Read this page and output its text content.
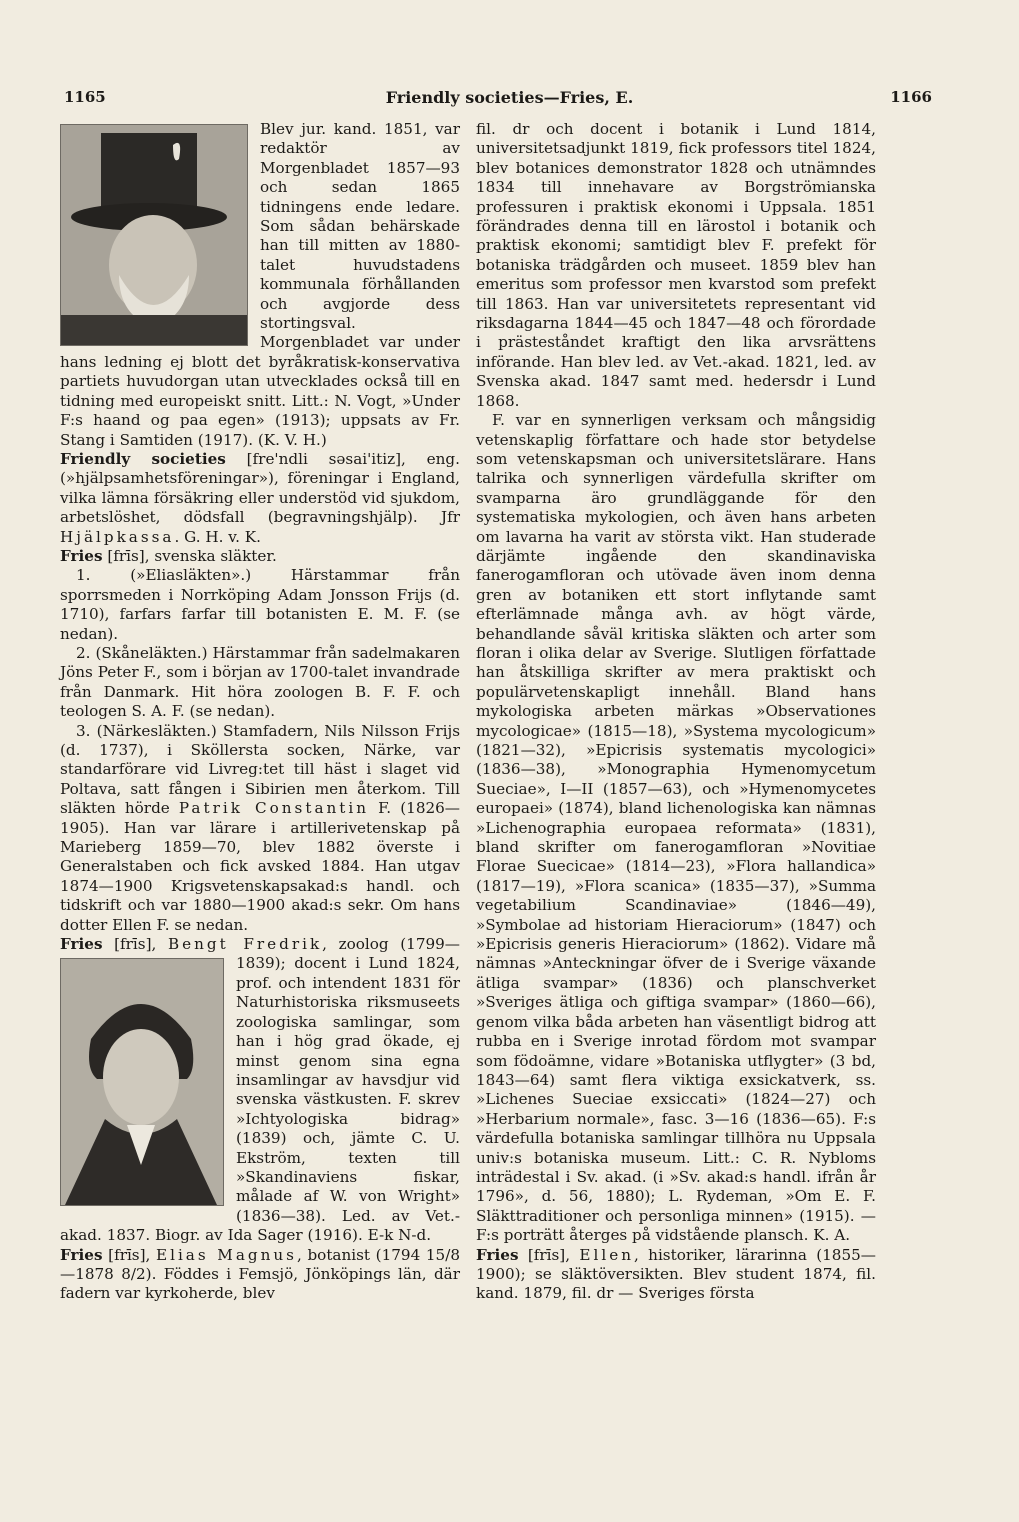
1165	Friendly societies—Fries, E.	1166

Blev jur. kand. 1851, var redaktör av Morgenbladet 1857—93 och sedan 1865 tidningens ende ledare. Som sådan behärskade han till mitten av 1880-talet huvudstadens kommunala förhållanden och avgjorde dess stortingsval. Morgenbladet var under hans ledning ej blott det byråkratisk-konservativa partiets huvudorgan utan utvecklades också till en tidning med europeiskt snitt. Litt.: N. Vogt, »Under F:s haand og paa egen» (1913); uppsats av Fr. Stang i Samtiden (1917). (K. V. H.)

Friendly societies [fre'ndli səsai'itiz], eng. (»hjälpsamhetsföreningar»), föreningar i England, vilka lämna försäkring eller understöd vid sjukdom, arbetslöshet, dödsfall (begravningshjälp). Jfr Hjälpkassa. G. H. v. K.

Fries [frīs], svenska släkter.

1. (»Eliasläkten».) Härstammar från sporrsmeden i Norrköping Adam Jonsson Frijs (d. 1710), farfars farfar till botanisten E. M. F. (se nedan).

2. (Skåneläkten.) Härstammar från sadelmakaren Jöns Peter F., som i början av 1700-talet invandrade från Danmark. Hit höra zoologen B. F. F. och teologen S. A. F. (se nedan).

3. (Närkesläkten.) Stamfadern, Nils Nilsson Frijs (d. 1737), i Sköllersta socken, Närke, var standarförare vid Livreg:tet till häst i slaget vid Poltava, satt fången i Sibirien men återkom. Till släkten hörde Patrik Constantin F. (1826—1905). Han var lärare i artillerivetenskap på Marieberg 1859—70, blev 1882 överste i Generalstaben och fick avsked 1884. Han utgav 1874—1900 Krigsvetenskapsakad:s handl. och tidskrift och var 1880—1900 akad:s sekr. Om hans dotter Ellen F. se nedan.

Fries [frīs], Bengt Fredrik
, zoolog (1799—1839); docent i Lund 1824, prof. och intendent 1831 för Naturhistoriska riksmuseets zoologiska samlingar, som han i hög grad ökade, ej minst genom sina egna insamlingar av havsdjur vid svenska västkusten. F. skrev »Ichtyologiska bidrag» (1839) och, jämte C. U. Ekström, texten till »Skandinaviens fiskar, målade af W. von Wright» (1836—38). Led. av Vet.-akad. 1837. Biogr. av Ida Sager (1916). E-k N-d.

Fries [frīs], Elias Magnus, botanist (1794 15/8—1878 8/2). Föddes i Femsjö, Jönköpings län, där fadern var kyrkoherde, blev

fil. dr och docent i botanik i Lund 1814, universitetsadjunkt 1819, fick professors titel 1824, blev botanices demonstrator 1828 och utnämndes 1834 till innehavare av Borgströmianska professuren i praktisk ekonomi i Uppsala. 1851 förändrades denna till en lärostol i botanik och praktisk ekonomi; samtidigt blev F. prefekt för botaniska trädgården och museet. 1859 blev han emeritus som professor men kvarstod som prefekt till 1863. Han var universitetets representant vid riksdagarna 1844—45 och 1847—48 och förordade i prästeståndet kraftigt den lika arvsrättens införande. Han blev led. av Vet.-akad. 1821, led. av Svenska akad. 1847 samt med. hedersdr i Lund 1868.

F. var en synnerligen verksam och mångsidig vetenskaplig författare och hade stor betydelse som vetenskapsman och universitetslärare. Hans talrika och synnerligen värdefulla skrifter om svamparna äro grundläggande för den systematiska mykologien, och även hans arbeten om lavarna ha varit av största vikt. Han studerade därjämte ingående den skandinaviska fanerogamfloran och utövade även inom denna gren av botaniken ett stort inflytande samt efterlämnade många avh. av högt värde, behandlande såväl kritiska släkten och arter som floran i olika delar av Sverige. Slutligen författade han åtskilliga skrifter av mera praktiskt och populärvetenskapligt innehåll. Bland hans mykologiska arbeten märkas »Observationes mycologicae» (1815—18), »Systema mycologicum» (1821—32), »Epicrisis systematis mycologici» (1836—38), »Monographia Hymenomycetum Sueciae», I—II (1857—63), och »Hymenomycetes europaei» (1874), bland lichenologiska kan nämnas »Lichenographia europaea reformata» (1831), bland skrifter om fanerogamfloran »Novitiae Florae Suecicae» (1814—23), »Flora hallandica» (1817—19), »Flora scanica» (1835—37), »Summa vegetabilium Scandinaviae» (1846—49), »Symbolae ad historiam Hieraciorum» (1847) och »Epicrisis generis Hieraciorum» (1862). Vidare må nämnas »Anteckningar öfver de i Sverige växande ätliga svampar» (1836) och planschverket »Sveriges ätliga och giftiga svampar» (1860—66), genom vilka båda arbeten han väsentligt bidrog att rubba en i Sverige inrotad fördom mot svampar som födoämne, vidare »Botaniska utflygter» (3 bd, 1843—64) samt flera viktiga exsickatverk, ss. »Lichenes Sueciae exsiccati» (1824—27) och »Herbarium normale», fasc. 3—16 (1836—65). F:s värdefulla botaniska samlingar tillhöra nu Uppsala univ:s botaniska museum. Litt.: C. R. Nybloms inträdestal i Sv. akad. (i »Sv. akad:s handl. ifrån år 1796», d. 56, 1880); L. Rydeman, »Om E. F. Släkttraditioner och personliga minnen» (1915). — F:s porträtt återges på vidstående plansch. K. A.

Fries [frīs], Ellen, historiker, lärarinna (1855—1900); se släktöversikten. Blev student 1874, fil. kand. 1879, fil. dr — Sveriges första
